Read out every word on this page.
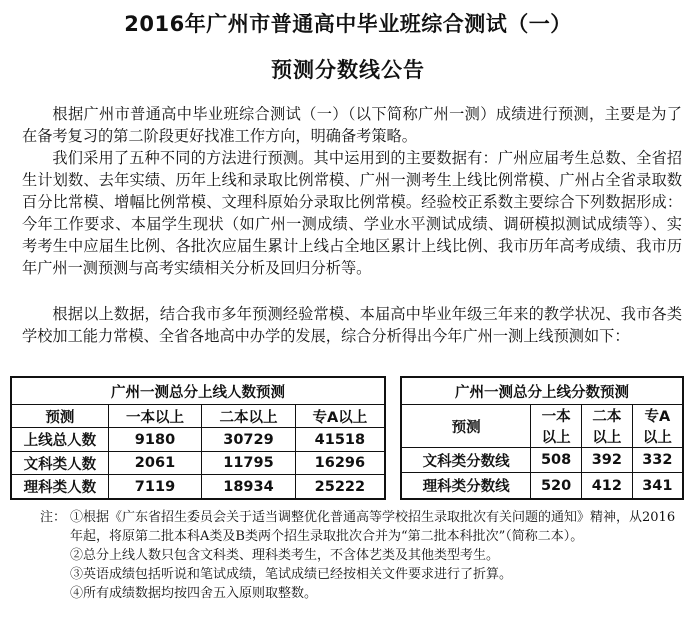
2016年广州市普通高中毕业班综合测试（一）
预测分数线公告
根据广州市普通高中毕业班综合测试（一）（以下简称广州一测）成绩进行预测，主要是为了在备考复习的第二阶段更好找准工作方向，明确备考策略。
我们采用了五种不同的方法进行预测。其中运用到的主要数据有：广州应届考生总数、全省招生计划数、去年实绩、历年上线和录取比例常模、广州一测考生上线比例常模、广州占全省录取数百分比常模、增幅比例常模、文理科原始分录取比例常模。经验校正系数主要综合下列数据形成：今年工作要求、本届学生现状（如广州一测成绩、学业水平测试成绩、调研模拟测试成绩等）、实考考生中应届生比例、各批次应届生累计上线占全地区累计上线比例、我市历年高考成绩、我市历年广州一测预测与高考实绩相关分析及回归分析等。
根据以上数据，结合我市多年预测经验常模、本届高中毕业年级三年来的教学状况、我市各类学校加工能力常模、全省各地高中办学的发展，综合分析得出今年广州一测上线预测如下：
广州一测总分上线人数预测			
预测	一本以上	二本以上	专A以上
上线总人数	9180	30729	41518
文科类人数	2061	11795	16296
理科类人数	7119	18934	25222
广州一测总分上线分数预测			
预测	一本	二本	专A
	以上	以上	以上
文科类分数线	508	392	332
理科类分数线	520	412	341
注： ①根据《广东省招生委员会关于适当调整优化普通高等学校招生录取批次有关问题的通知》精神，从2016年起，将原第二批本科A类及B类两个招生录取批次合并为“第二批本科批次”（简称二本）。
②总分上线人数只包含文科类、理科类考生，不含体艺类及其他类型考生。
③英语成绩包括听说和笔试成绩，笔试成绩已经按相关文件要求进行了折算。
④所有成绩数据均按四舍五入原则取整数。
